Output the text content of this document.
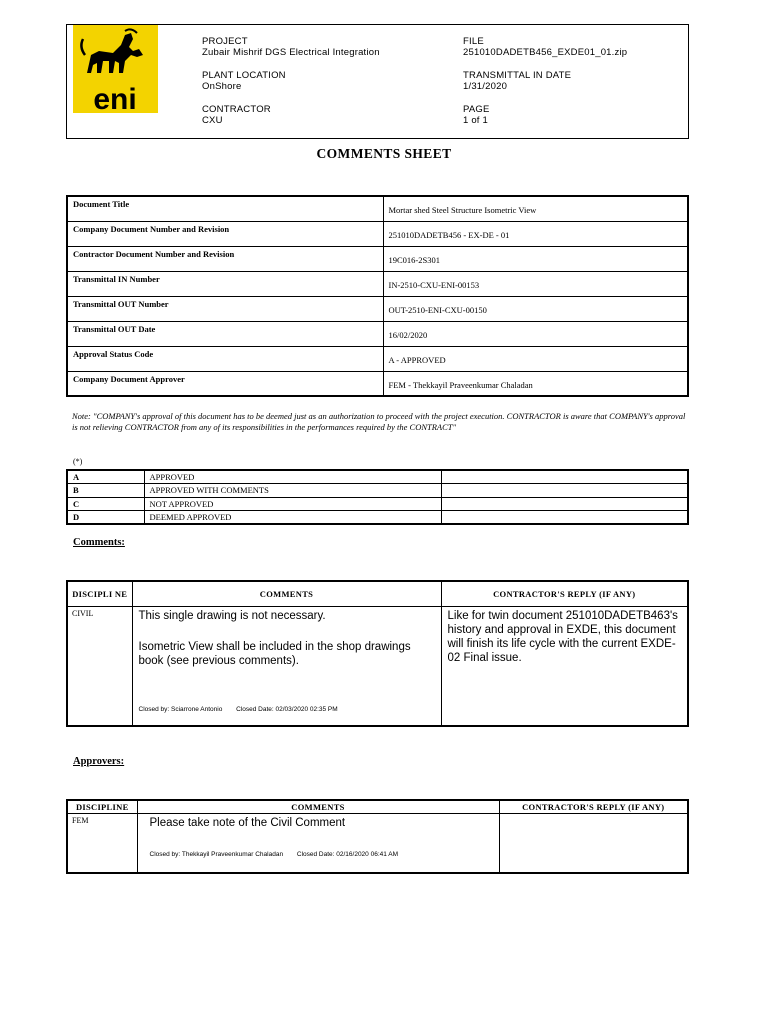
eni
PROJECT
Zubair Mishrif DGS Electrical Integration
PLANT LOCATION
OnShore
CONTRACTOR
CXU
FILE
251010DADETB456_EXDE01_01.zip
TRANSMITTAL IN DATE
1/31/2020
PAGE
1 of 1
COMMENTS SHEET
Document Title	Mortar shed Steel Structure Isometric View
Company Document Number and Revision	251010DADETB456 - EX-DE - 01
Contractor Document Number and Revision	19C016-2S301
Transmittal IN Number	IN-2510-CXU-ENI-00153
Transmittal OUT Number	OUT-2510-ENI-CXU-00150
Transmittal OUT Date	16/02/2020
Approval Status Code	A - APPROVED
Company Document Approver	FEM - Thekkayil Praveenkumar Chaladan
Note: "COMPANY's approval of this document has to be deemed just as an authorization to proceed with the project execution. CONTRACTOR is aware that COMPANY's approval is not relieving CONTRACTOR from any of its responsibilities in the performances required by the CONTRACT"
(*)
A	APPROVED	
B	APPROVED WITH COMMENTS	
C	NOT APPROVED	
D	DEEMED APPROVED	
Comments:
DISCIPLI NE	COMMENTS	CONTRACTOR'S REPLY (IF ANY)
CIVIL	This single drawing is not necessary.
Isometric View shall be included in the shop drawings book (see previous comments).
Closed by: Sciarrone Antonio Closed Date: 02/03/2020 02:35 PM	Like for twin document 251010DADETB463's history and approval in EXDE, this document will finish its life cycle with the current EXDE-02 Final issue.
Approvers:
DISCIPLINE	COMMENTS	CONTRACTOR'S REPLY (IF ANY)
FEM	Please take note of the Civil Comment
Closed by: Thekkayil Praveenkumar Chaladan Closed Date: 02/16/2020 06:41 AM	
